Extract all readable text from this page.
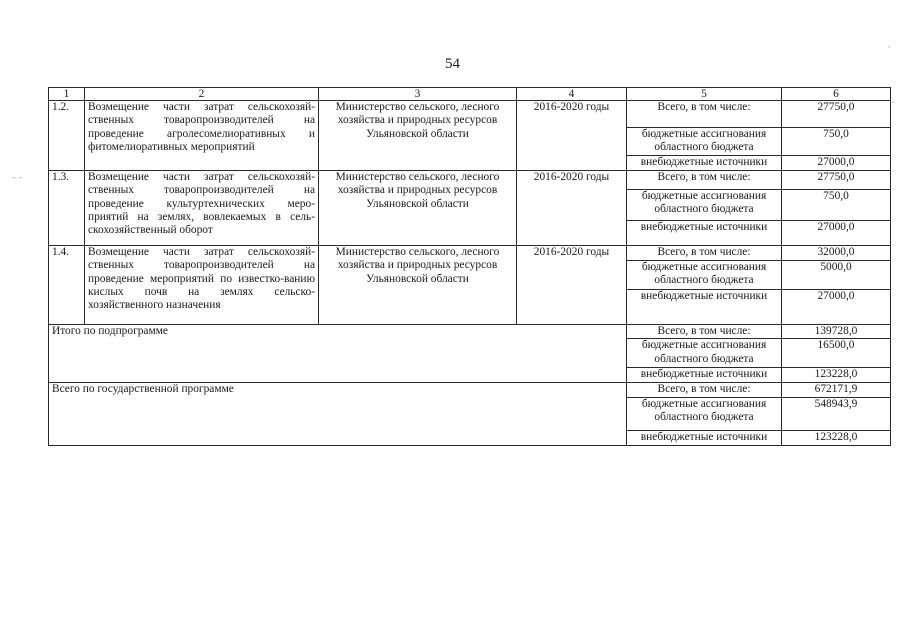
54
– –
,
'
1	2	3	4	5	6
1.2.	Возмещение части затрат сельскохозяй-ственных товаропроизводителей на проведение агролесомелиоративных и фитомелиоративных мероприятий	Министерство сельского, лесного хозяйства и природных ресурсов Ульяновской области	2016-2020 годы	Всего, в том числе:	27750,0
				бюджетные ассигнования областного бюджета	750,0
				внебюджетные источники	27000,0
1.3.	Возмещение части затрат сельскохозяй-ственных товаропроизводителей на проведение культуртехнических меро-приятий на землях, вовлекаемых в сель-скохозяйственный оборот	Министерство сельского, лесного хозяйства и природных ресурсов Ульяновской области	2016-2020 годы	Всего, в том числе:	27750,0
				бюджетные ассигнования областного бюджета	750,0
				внебюджетные источники	27000,0
1.4.	Возмещение части затрат сельскохозяй-ственных товаропроизводителей на проведение мероприятий по известко-ванию кислых почв на землях сельско-хозяйственного назначения	Министерство сельского, лесного хозяйства и природных ресурсов Ульяновской области	2016-2020 годы	Всего, в том числе:	32000,0
				бюджетные ассигнования областного бюджета	5000,0
				внебюджетные источники	27000,0
Итого по подпрограмме				Всего, в том числе:	139728,0
				бюджетные ассигнования областного бюджета	16500,0
				внебюджетные источники	123228,0
Всего по государственной программе				Всего, в том числе:	672171,9
				бюджетные ассигнования областного бюджета	548943,9
				внебюджетные источники	123228,0
